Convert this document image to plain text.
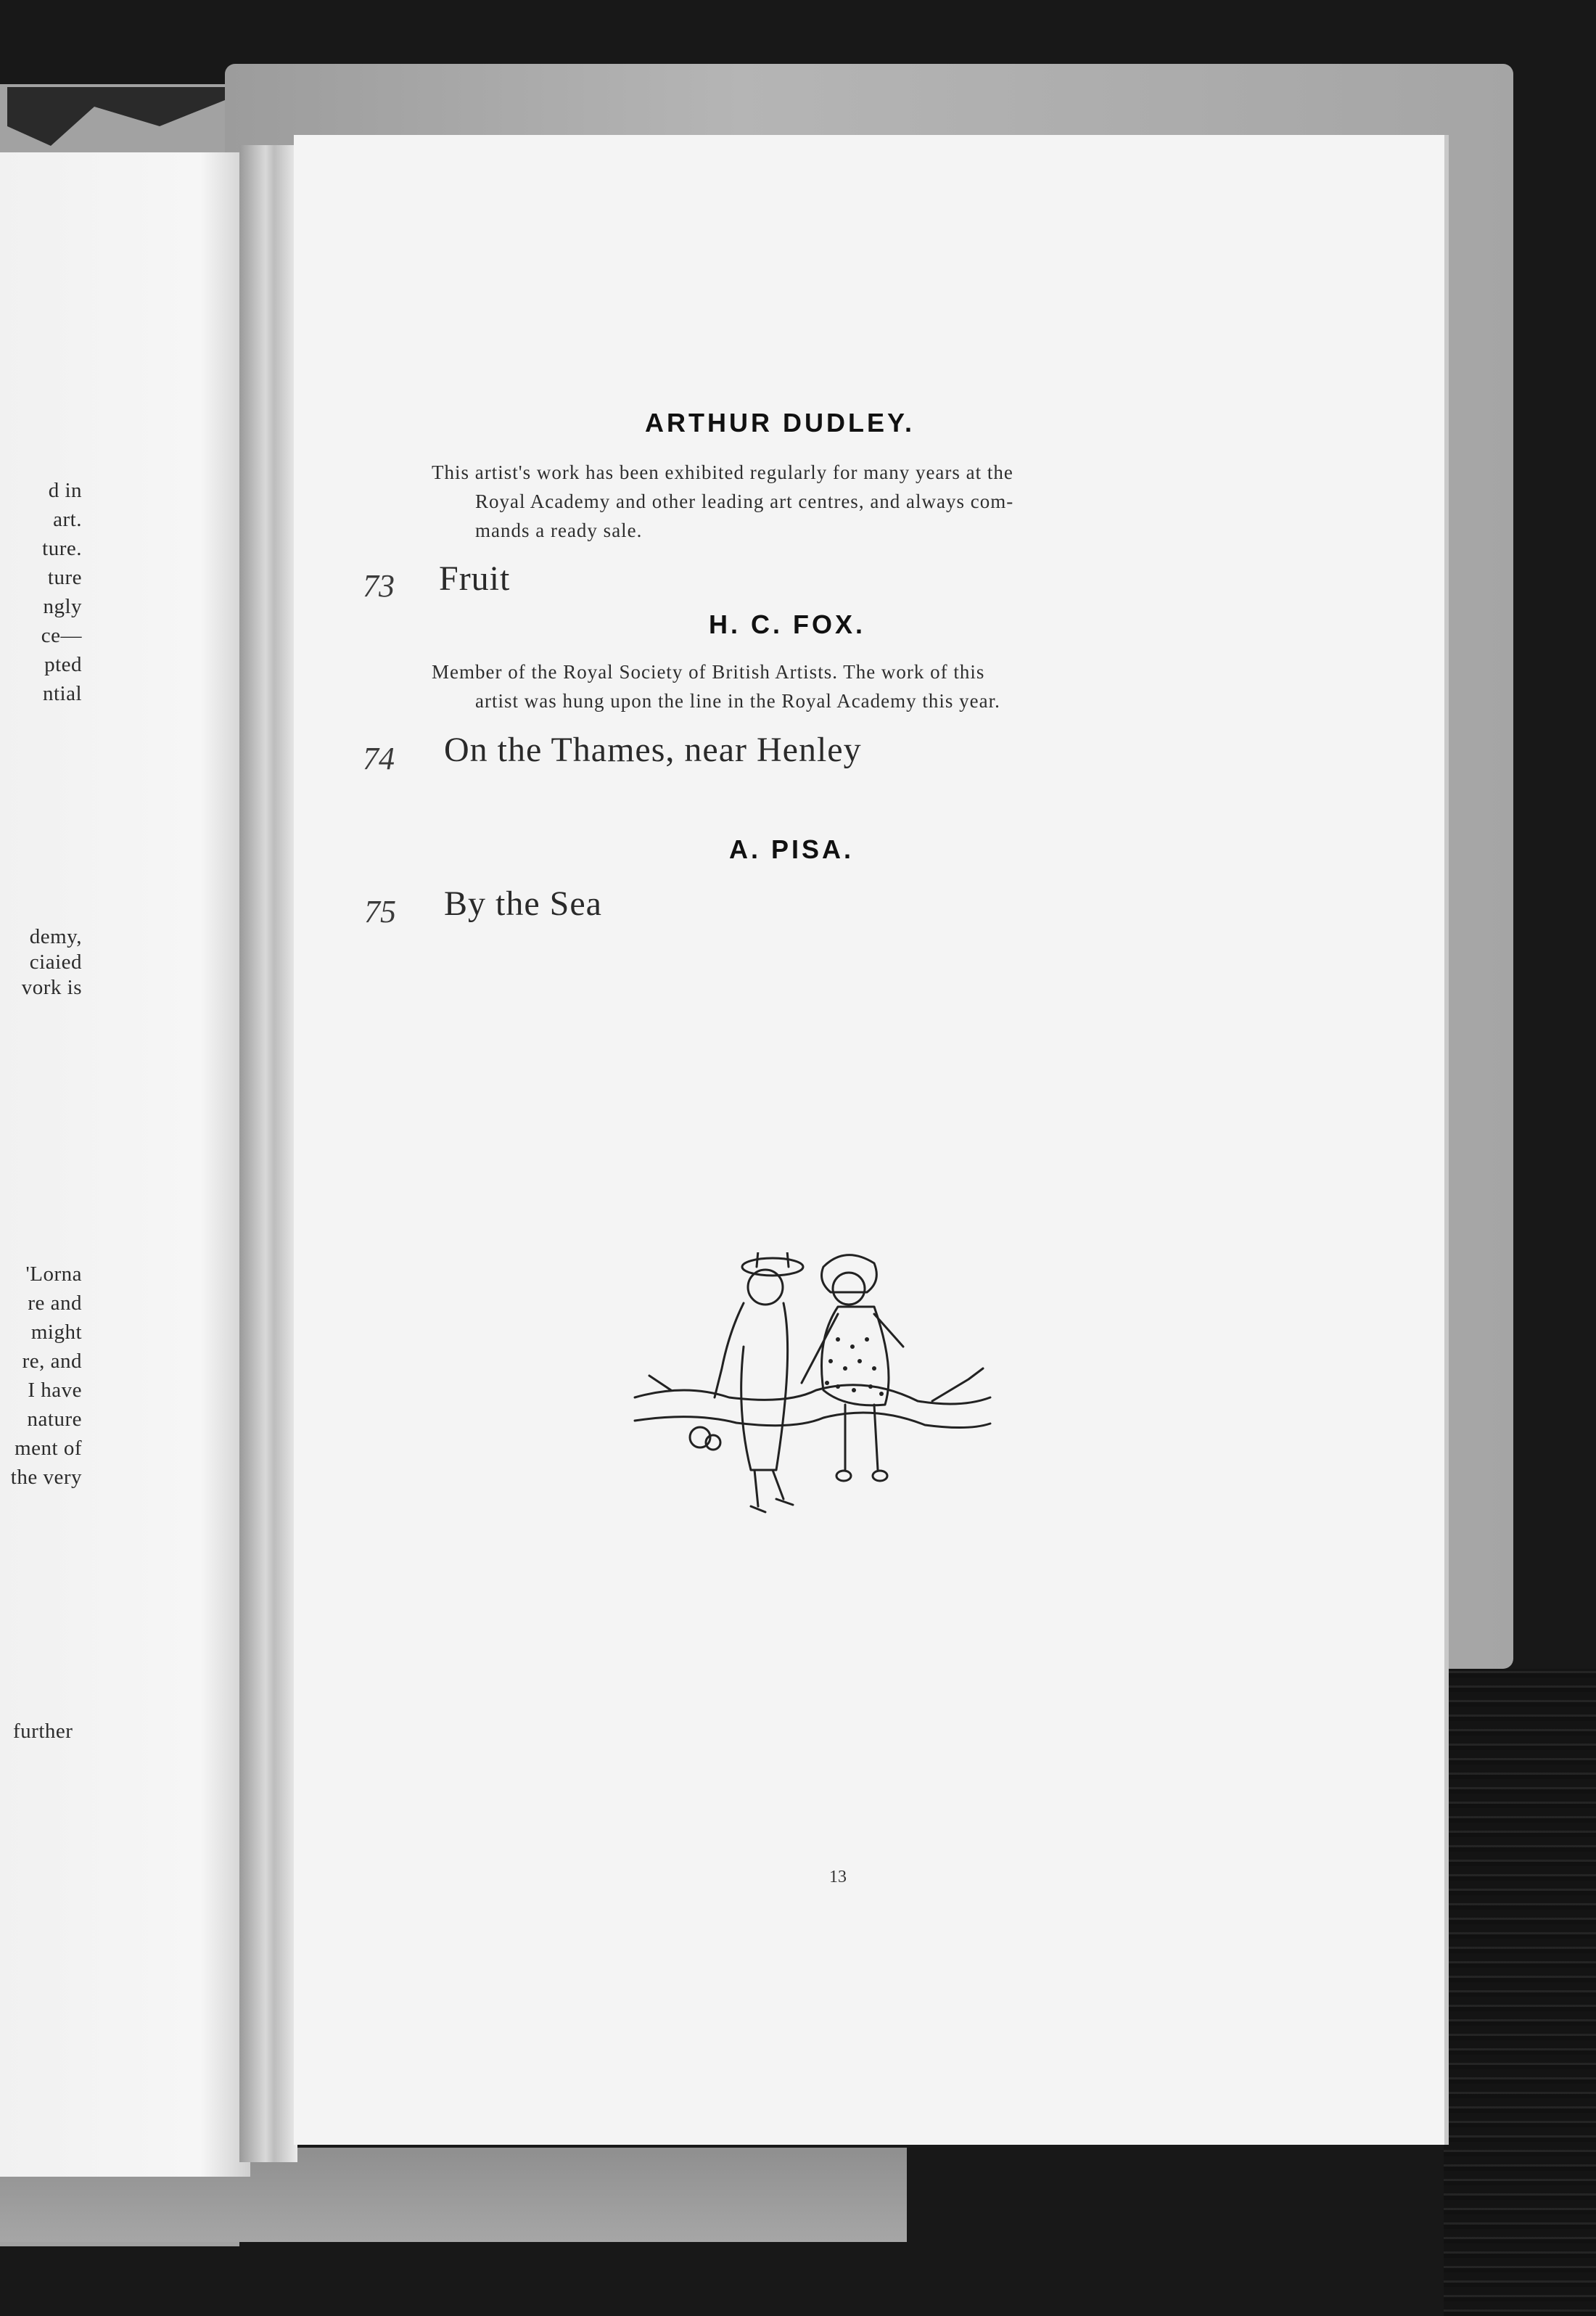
d in
art.
ture.
ture
ngly
ce—
pted
ntial
demy,
ciaied
vork is
'Lorna
re and
might
re, and
I have
nature
ment of
the very
further
ARTHUR DUDLEY.
This artist's work has been exhibited regularly for many years at the
Royal Academy and other leading art centres, and always com-
mands a ready sale.
73 Fruit
H. C. FOX.
Member of the Royal Society of British Artists. The work of this
artist was hung upon the line in the Royal Academy this year.
74 On the Thames, near Henley
A. PISA.
75 By the Sea
13
